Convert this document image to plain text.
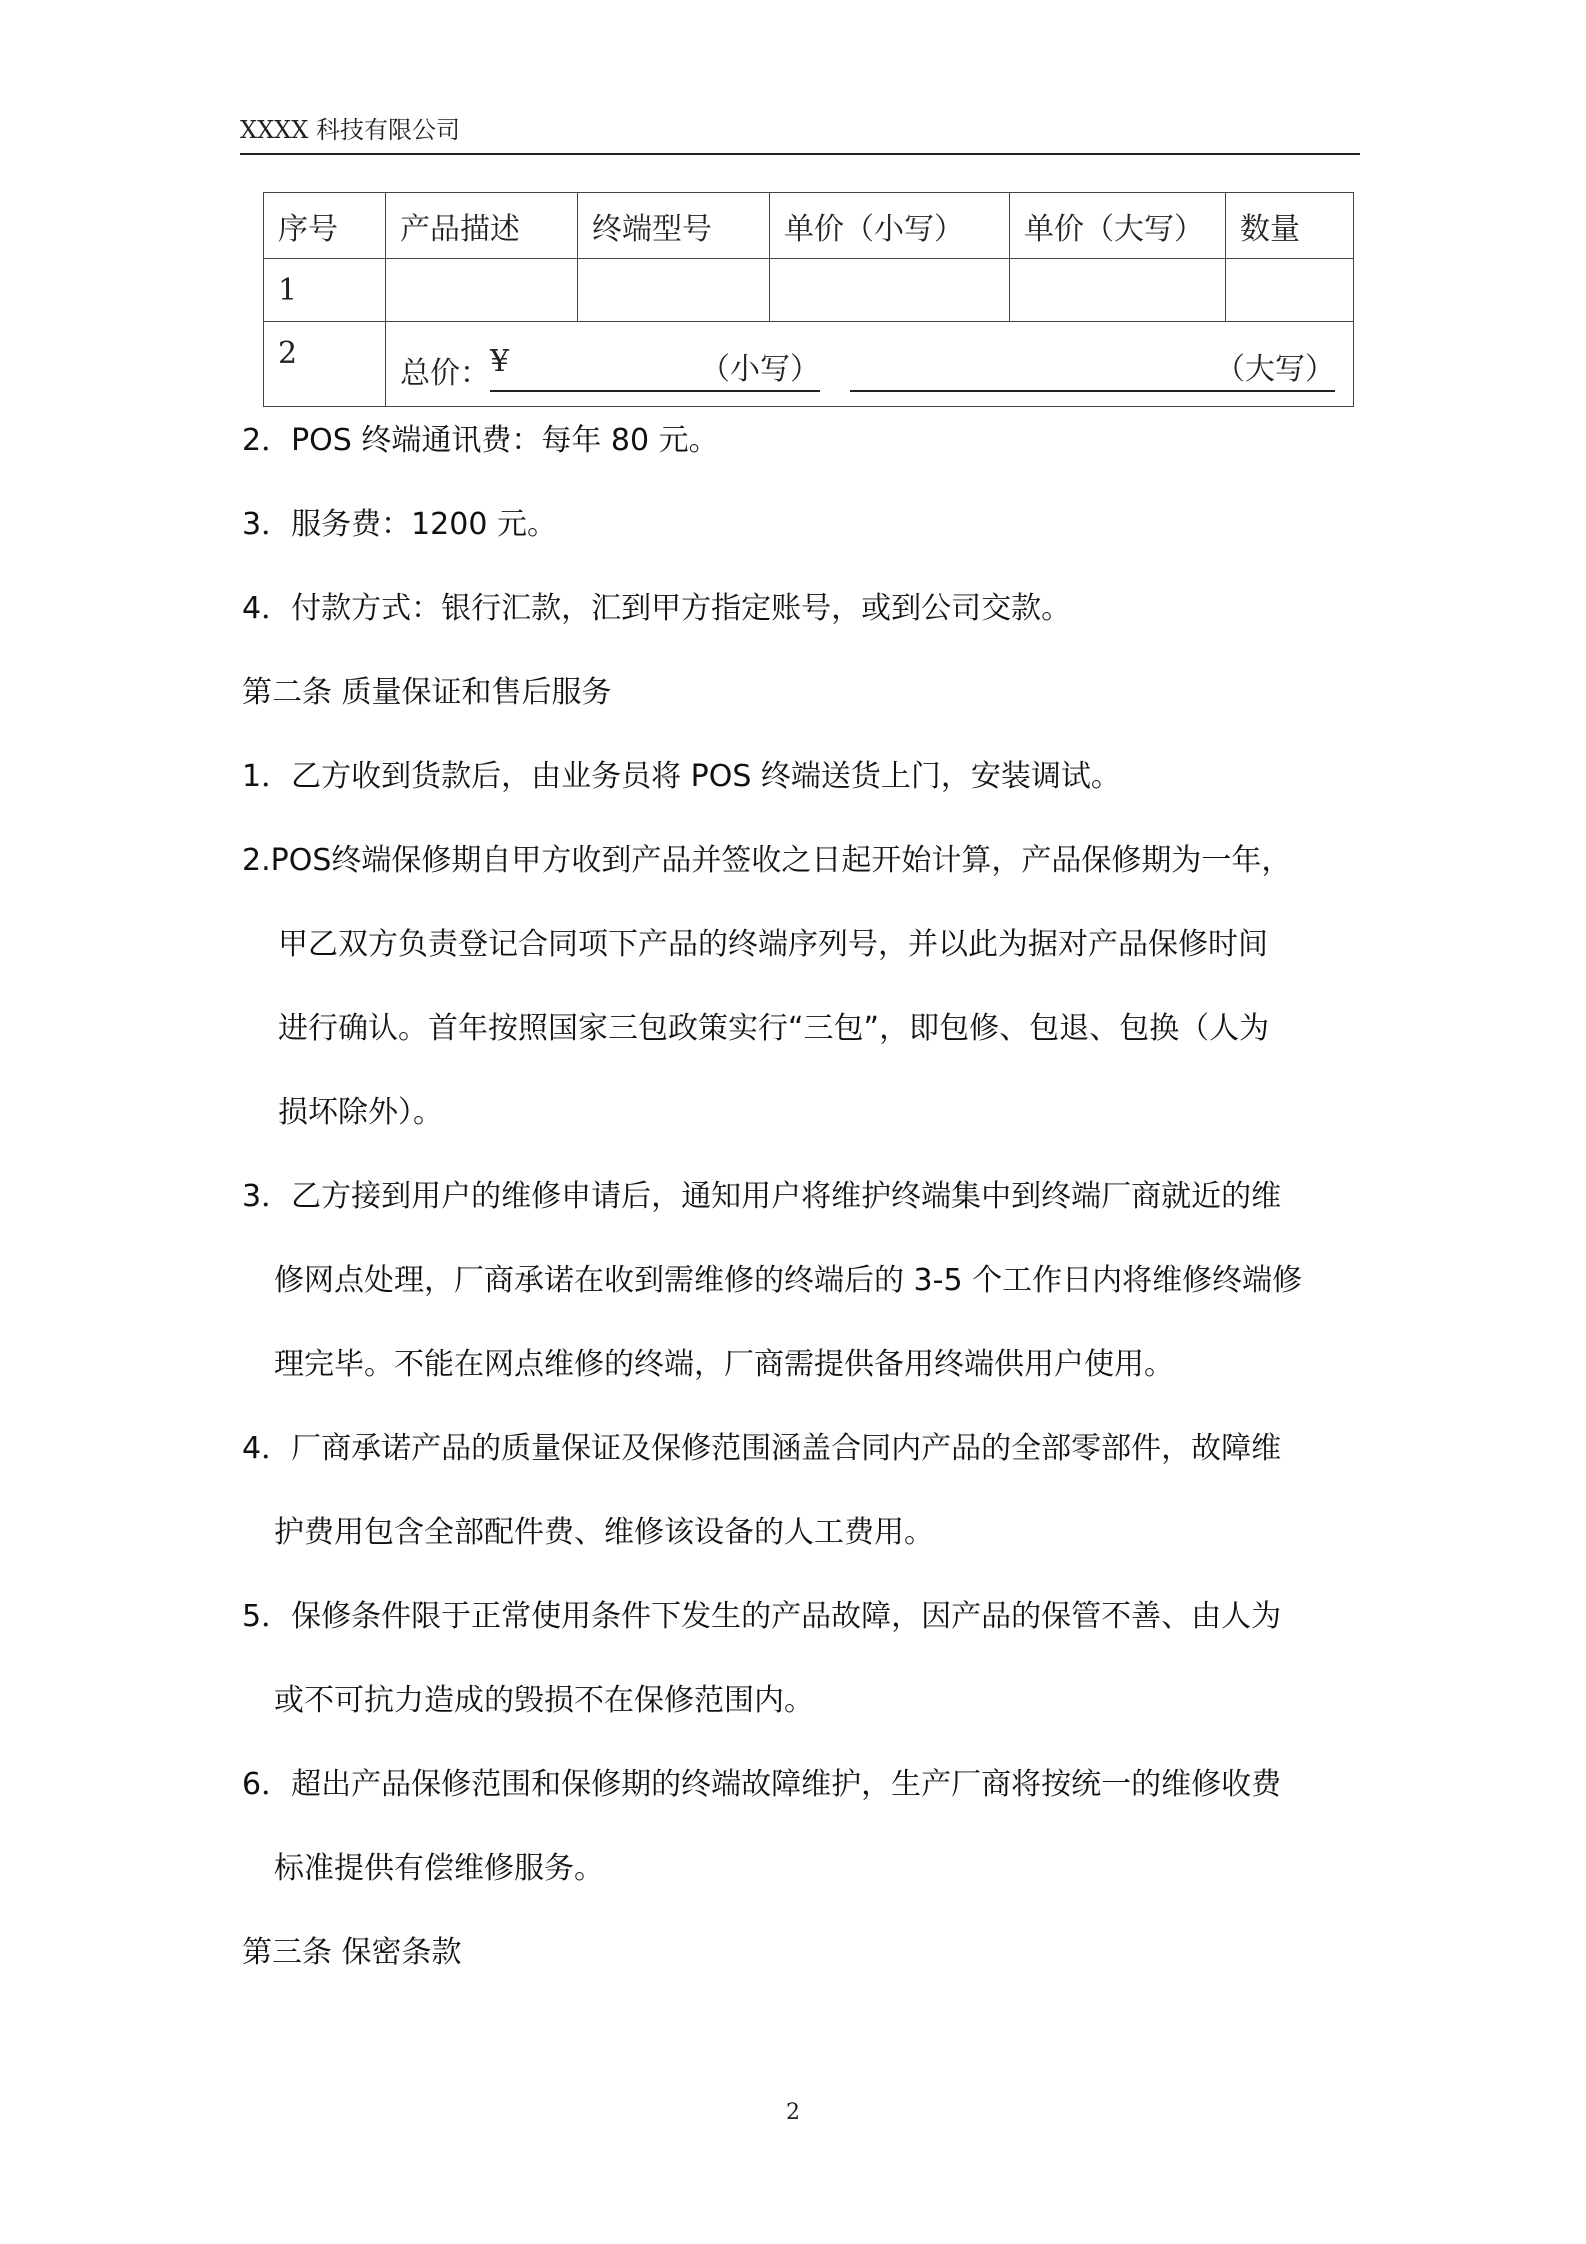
XXXX 科技有限公司
序号	产品描述	终端型号	单价（小写）	单价（大写）	数量
1					
2	总价： ¥ （小写） （大写）				

2．POS 终端通讯费：每年 80 元。

3．服务费：1200 元。

4．付款方式：银行汇款，汇到甲方指定账号，或到公司交款。

第二条 质量保证和售后服务

1．乙方收到货款后，由业务员将 POS 终端送货上门，安装调试。

2.POS终端保修期自甲方收到产品并签收之日起开始计算，产品保修期为一年，

甲乙双方负责登记合同项下产品的终端序列号，并以此为据对产品保修时间

进行确认。首年按照国家三包政策实行“三包”，即包修、包退、包换（人为

损坏除外）。

3．乙方接到用户的维修申请后，通知用户将维护终端集中到终端厂商就近的维

修网点处理，厂商承诺在收到需维修的终端后的 3-5 个工作日内将维修终端修

理完毕。不能在网点维修的终端，厂商需提供备用终端供用户使用。

4．厂商承诺产品的质量保证及保修范围涵盖合同内产品的全部零部件，故障维

护费用包含全部配件费、维修该设备的人工费用。

5．保修条件限于正常使用条件下发生的产品故障，因产品的保管不善、由人为

或不可抗力造成的毁损不在保修范围内。

6．超出产品保修范围和保修期的终端故障维护，生产厂商将按统一的维修收费

标准提供有偿维修服务。

第三条 保密条款

2
